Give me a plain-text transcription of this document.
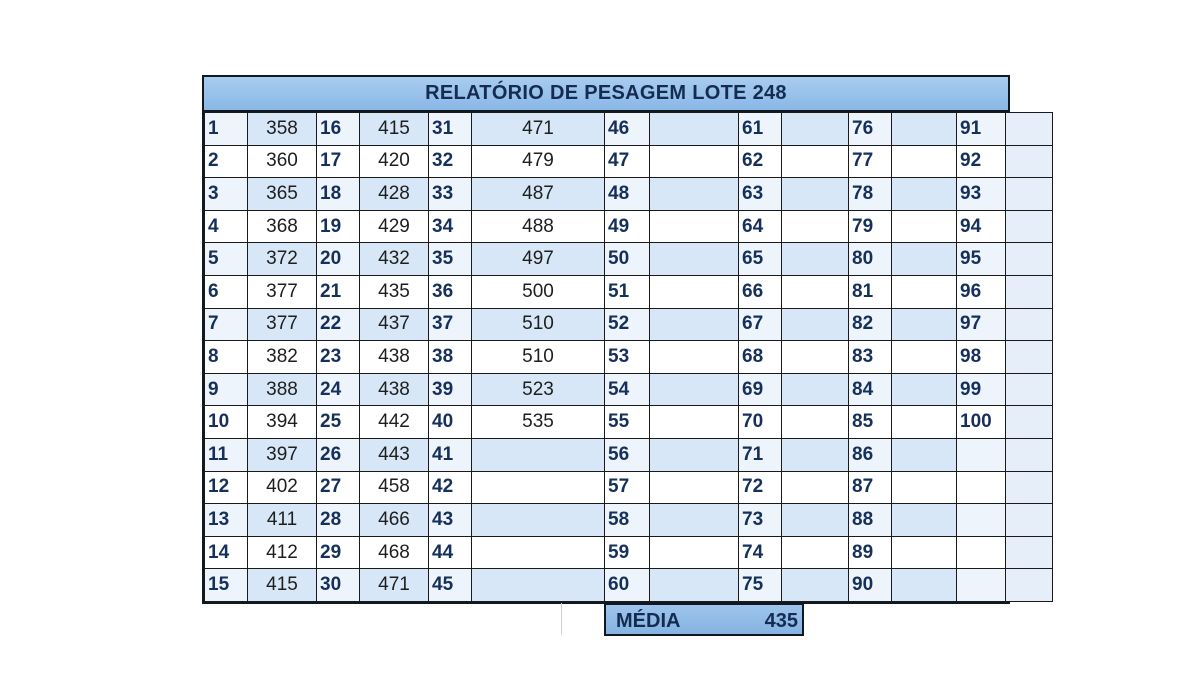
RELATÓRIO DE PESAGEM LOTE 248
1	358	16	415	31	471	46		61		76		91	
2	360	17	420	32	479	47		62		77		92	
3	365	18	428	33	487	48		63		78		93	
4	368	19	429	34	488	49		64		79		94	
5	372	20	432	35	497	50		65		80		95	
6	377	21	435	36	500	51		66		81		96	
7	377	22	437	37	510	52		67		82		97	
8	382	23	438	38	510	53		68		83		98	
9	388	24	438	39	523	54		69		84		99	
10	394	25	442	40	535	55		70		85		100	
11	397	26	443	41		56		71		86			
12	402	27	458	42		57		72		87			
13	411	28	466	43		58		73		88			
14	412	29	468	44		59		74		89			
15	415	30	471	45		60		75		90			
MÉDIA	435
